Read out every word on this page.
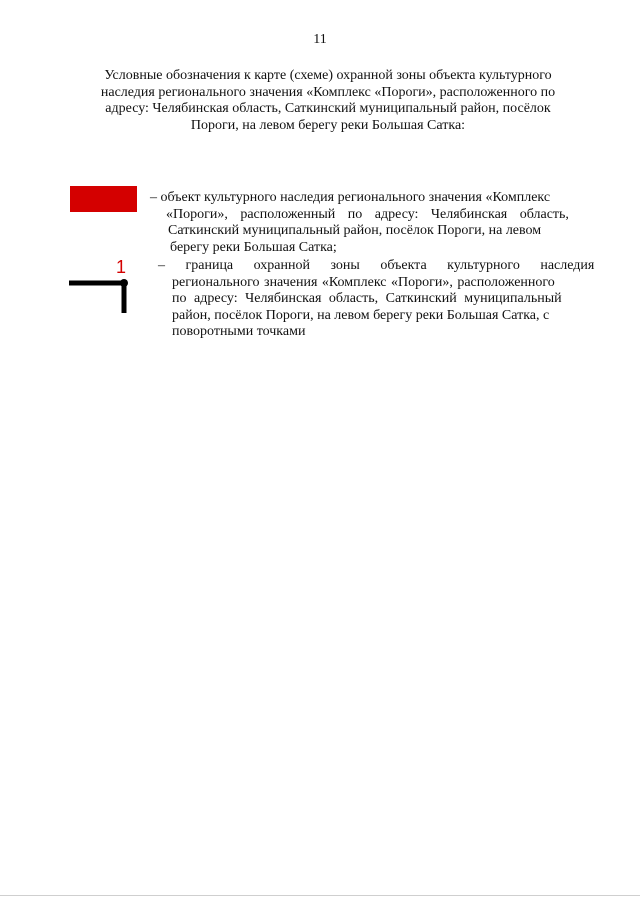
11
Условные обозначения к карте (схеме) охранной зоны объекта культурного
наследия регионального значения «Комплекс «Пороги», расположенного по
адресу: Челябинская область, Саткинский муниципальный район, посёлок
Пороги, на левом берегу реки Большая Сатка:
– объект культурного наследия регионального значения «Комплекс
«Пороги», расположенный по адресу: Челябинская область,
Саткинский муниципальный район, посёлок Пороги, на левом
берегу реки Большая Сатка;
1	– граница охранной зоны объекта культурного наследия
регионального значения «Комплекс «Пороги», расположенного
по адресу: Челябинская область, Саткинский муниципальный
район, посёлок Пороги, на левом берегу реки Большая Сатка, с
поворотными точками
